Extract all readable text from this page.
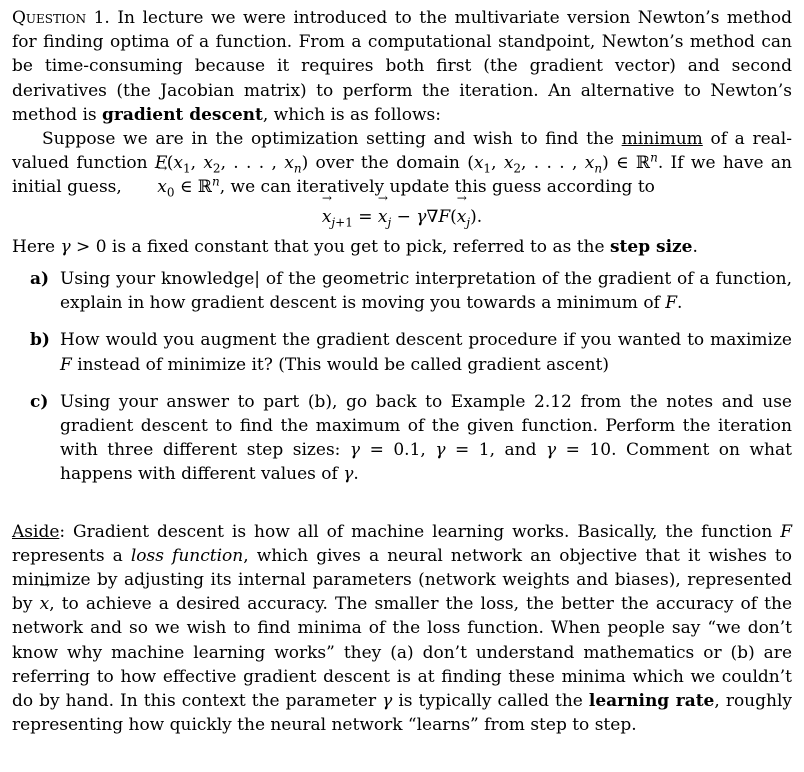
Question 1. In lecture we were introduced to the multivariate version Newton’s method for finding optima of a function. From a computational standpoint, Newton’s method can be time-consuming because it requires both first (the gradient vector) and second derivatives (the Jacobian matrix) to perform the iteration. An alternative to Newton’s method is gradient descent, which is as follows:

Suppose we are in the optimization setting and wish to find the minimum of a real-valued function $F(x_1$, $x_2$, . . . , $x_n$) over the domain ($x_1$, $x_2$, . . . , $x_n$) ∈ ℝ$^n$. If we have an initial guess, → $x_0$ ∈ ℝ$^n$, we can iteratively update this guess according to

→ $x_{j+1}$ = → $x_j - \gamma\nabla F(\to x_j)$.

Here γ > 0 is a fixed constant that you get to pick, referred to as the step size.

a) Using your knowledge| of the geometric interpretation of the gradient of a function, explain in how gradient descent is moving you towards a minimum of F.
b) How would you augment the gradient descent procedure if you wanted to maximize F instead of minimize it? (This would be called gradient ascent)
c) Using your answer to part (b), go back to Example 2.12 from the notes and use gradient descent to find the maximum of the given function. Perform the iteration with three different step sizes: γ = 0.1, γ = 1, and γ = 10. Comment on what happens with different values of γ.

Aside: Gradient descent is how all of machine learning works. Basically, the function F represents a loss function, which gives a neural network an objective that it wishes to minimize by adjusting its internal parameters (network weights and biases), represented by → x, to achieve a desired accuracy. The smaller the loss, the better the accuracy of the network and so we wish to find minima of the loss function. When people say “we don’t know why machine learning works” they (a) don’t understand mathematics or (b) are referring to how effective gradient descent is at finding these minima which we couldn’t do by hand. In this context the parameter γ is typically called the learning rate, roughly representing how quickly the neural network “learns” from step to step.
